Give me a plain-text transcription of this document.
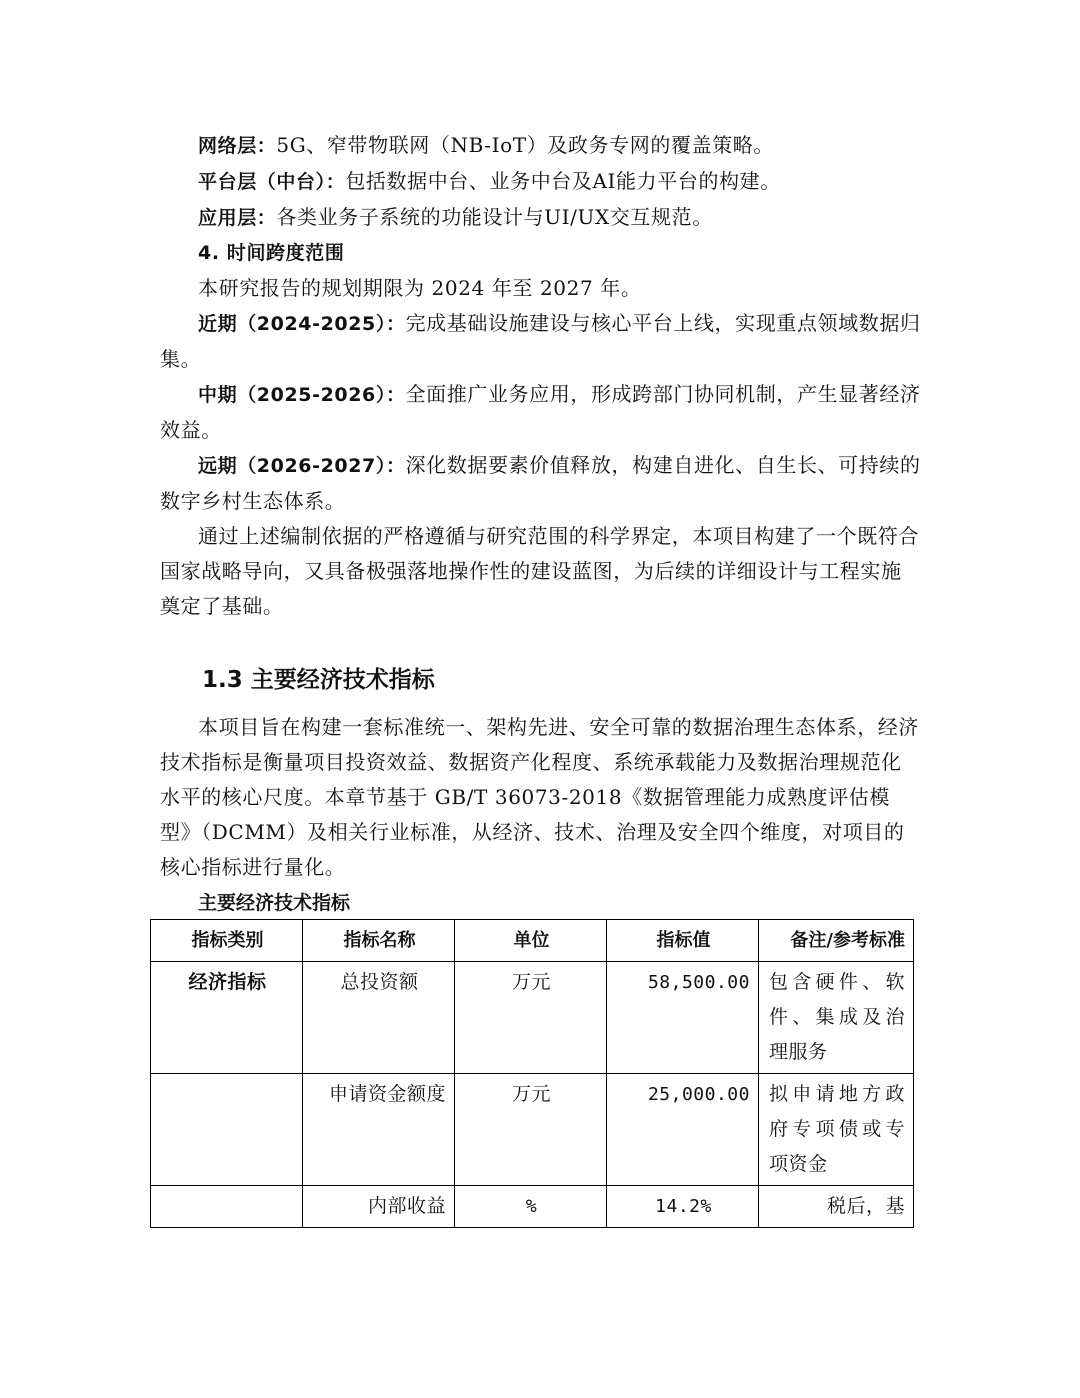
网络层：5G、窄带物联网（NB-IoT）及政务专网的覆盖策略。

平台层（中台）：包括数据中台、业务中台及AI能力平台的构建。

应用层：各类业务子系统的功能设计与UI/UX交互规范。

4. 时间跨度范围

本研究报告的规划期限为 2024 年至 2027 年。

近期（2024-2025）：完成基础设施建设与核心平台上线，实现重点领域数据归集。

中期（2025-2026）：全面推广业务应用，形成跨部门协同机制，产生显著经济效益。

远期（2026-2027）：深化数据要素价值释放，构建自进化、自生长、可持续的数字乡村生态体系。

通过上述编制依据的严格遵循与研究范围的科学界定，本项目构建了一个既符合国家战略导向，又具备极强落地操作性的建设蓝图，为后续的详细设计与工程实施奠定了基础。

1.3 主要经济技术指标

本项目旨在构建一套标准统一、架构先进、安全可靠的数据治理生态体系，经济技术指标是衡量项目投资效益、数据资产化程度、系统承载能力及数据治理规范化水平的核心尺度。本章节基于 GB/T 36073-2018《数据管理能力成熟度评估模型》（DCMM）及相关行业标准，从经济、技术、治理及安全四个维度，对项目的核心指标进行量化。

主要经济技术指标
指标类别	指标名称	单位	指标值	备注/参考标准
经济指标	总投资额	万元	58,500.00	包含硬件、软件、集成及治理服务
	申请资金额度	万元	25,000.00	拟申请地方政府专项债或专项资金
	内部收益	%	14.2%	税后，基
